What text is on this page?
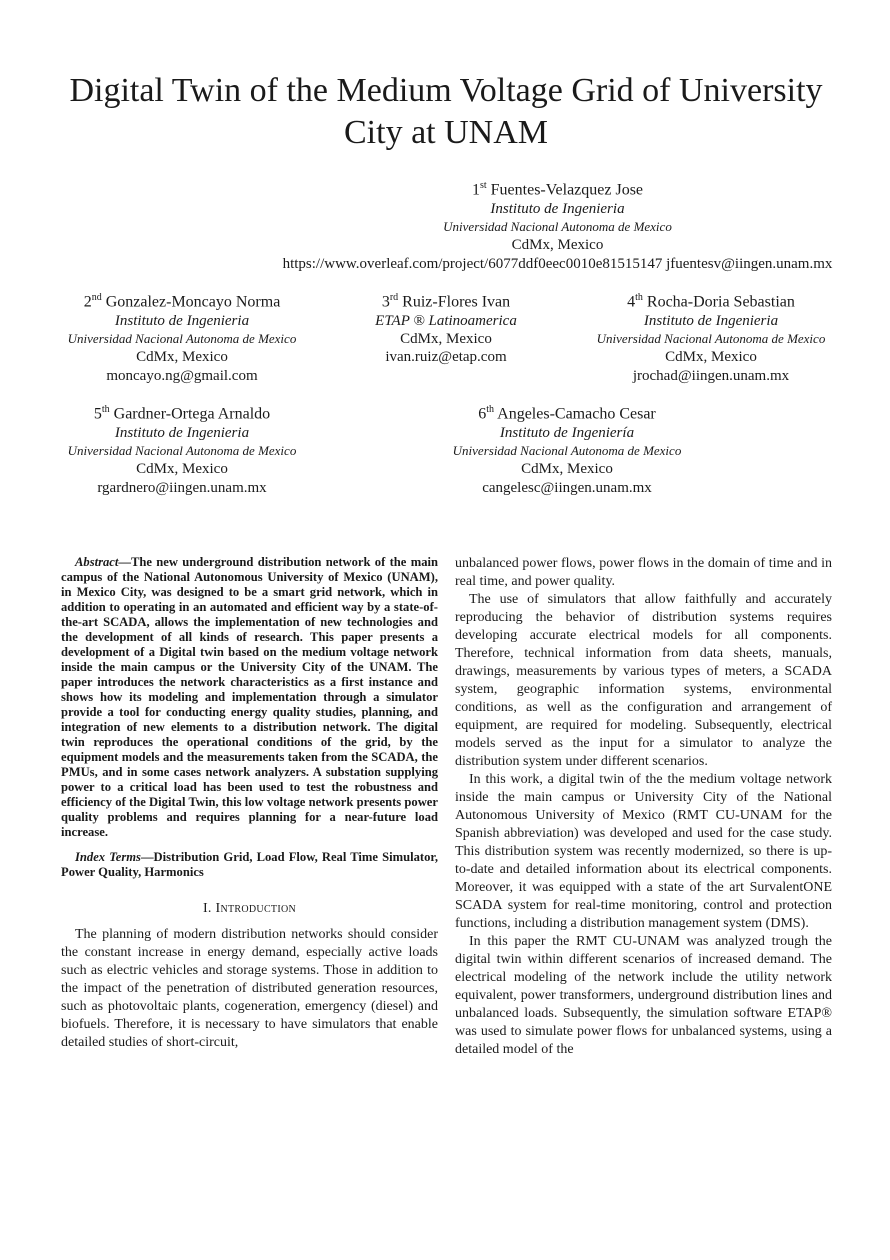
Digital Twin of the Medium Voltage Grid of University City at UNAM
1st Fuentes-Velazquez Jose
Instituto de Ingenieria
Universidad Nacional Autonoma de Mexico
CdMx, Mexico
https://www.overleaf.com/project/6077ddf0eec0010e81515147 jfuentesv@iingen.unam.mx
2nd Gonzalez-Moncayo Norma
Instituto de Ingenieria
Universidad Nacional Autonoma de Mexico
CdMx, Mexico
moncayo.ng@gmail.com
3rd Ruiz-Flores Ivan
ETAP ® Latinoamerica
CdMx, Mexico
ivan.ruiz@etap.com
4th Rocha-Doria Sebastian
Instituto de Ingenieria
Universidad Nacional Autonoma de Mexico
CdMx, Mexico
jrochad@iingen.unam.mx
5th Gardner-Ortega Arnaldo
Instituto de Ingenieria
Universidad Nacional Autonoma de Mexico
CdMx, Mexico
rgardnero@iingen.unam.mx
6th Angeles-Camacho Cesar
Instituto de Ingeniería
Universidad Nacional Autonoma de Mexico
CdMx, Mexico
cangelesc@iingen.unam.mx

Abstract—The new underground distribution network of the main campus of the National Autonomous University of Mexico (UNAM), in Mexico City, was designed to be a smart grid network, which in addition to operating in an automated and efficient way by a state-of-the-art SCADA, allows the implementation of new technologies and the development of all kinds of research. This paper presents a development of a Digital twin based on the medium voltage network inside the main campus or the University City of the UNAM. The paper introduces the network characteristics as a first instance and shows how its modeling and implementation through a simulator provide a tool for conducting energy quality studies, planning, and integration of new elements to a distribution network. The digital twin reproduces the operational conditions of the grid, by the equipment models and the measurements taken from the SCADA, the PMUs, and in some cases network analyzers. A substation supplying power to a critical load has been used to test the robustness and efficiency of the Digital Twin, this low voltage network presents power quality problems and requires planning for a near-future load increase.

Index Terms—Distribution Grid, Load Flow, Real Time Simulator, Power Quality, Harmonics

I. Introduction

The planning of modern distribution networks should consider the constant increase in energy demand, especially active loads such as electric vehicles and storage systems. Those in addition to the impact of the penetration of distributed generation resources, such as photovoltaic plants, cogeneration, emergency (diesel) and biofuels. Therefore, it is necessary to have simulators that enable detailed studies of short-circuit,

unbalanced power flows, power flows in the domain of time and in real time, and power quality.

The use of simulators that allow faithfully and accurately reproducing the behavior of distribution systems requires developing accurate electrical models for all components. Therefore, technical information from data sheets, manuals, drawings, measurements by various types of meters, a SCADA system, geographic information systems, environmental conditions, as well as the configuration and arrangement of equipment, are required for modeling. Subsequently, electrical models served as the input for a simulator to analyze the distribution system under different scenarios.

In this work, a digital twin of the the medium voltage network inside the main campus or University City of the National Autonomous University of Mexico (RMT CU-UNAM for the Spanish abbreviation) was developed and used for the case study. This distribution system was recently modernized, so there is up-to-date and detailed information about its electrical components. Moreover, it was equipped with a state of the art SurvalentONE SCADA system for real-time monitoring, control and protection functions, including a distribution management system (DMS).

In this paper the RMT CU-UNAM was analyzed trough the digital twin within different scenarios of increased demand. The electrical modeling of the network include the utility network equivalent, power transformers, underground distribution lines and unbalanced loads. Subsequently, the simulation software ETAP® was used to simulate power flows for unbalanced systems, using a detailed model of the
